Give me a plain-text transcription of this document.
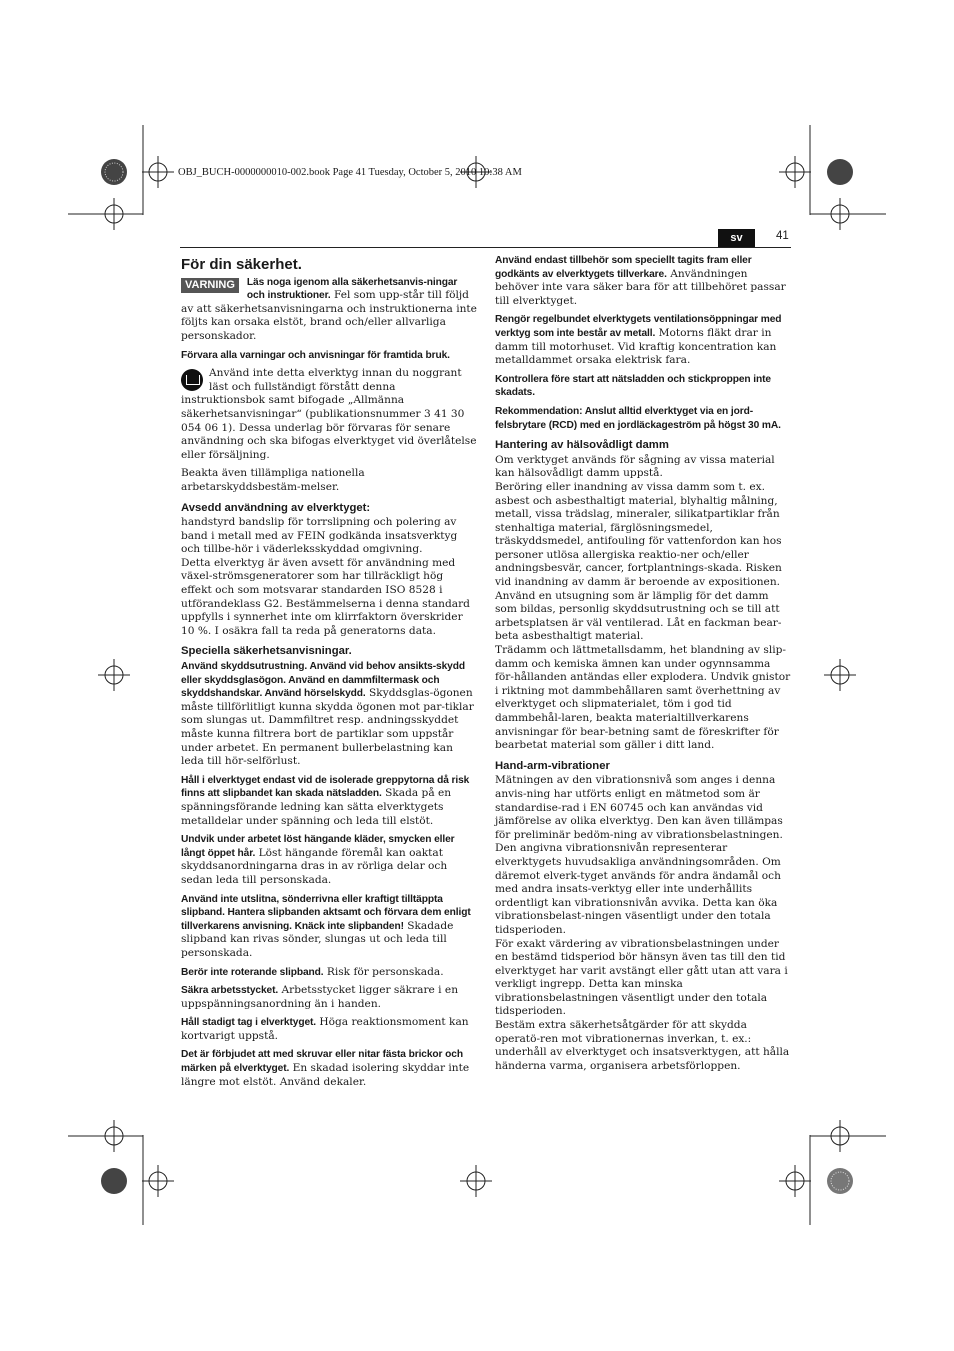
OBJ_BUCH-0000000010-002.book Page 41 Tuesday, October 5, 2010 10:38 AM
sv	41
För din säkerhet.

VARNING	Läs noga igenom alla säkerhetsanvis-ningar och instruktioner. Fel som upp-står till följd av att säkerhetsanvisningarna och instruktionerna inte följts kan orsaka elstöt, brand och/eller allvarliga personskador.

Förvara alla varningar och anvisningar för framtida bruk.

Använd inte detta elverktyg innan du noggrant läst och fullständigt förstått denna instruktionsbok samt bifogade „Allmänna säkerhetsanvisningar“ (publikationsnummer 3 41 30 054 06 1). Dessa underlag bör förvaras för senare användning och ska bifogas elverktyget vid överlåtelse eller försäljning.

Beakta även tillämpliga nationella arbetarskyddsbestäm-melser.

Avsedd användning av elverktyget:

handstyrd bandslip för torrslipning och polering av band i metall med av FEIN godkända insatsverktyg och tillbe-hör i väderleksskyddad omgivning.

Detta elverktyg är även avsett för användning med växel-strömsgeneratorer som har tillräckligt hög effekt och som motsvarar standarden ISO 8528 i utförandeklass G2. Bestämmelserna i denna standard uppfylls i synnerhet inte om klirrfaktorn överskrider 10 %. I osäkra fall ta reda på generatorns data.

Speciella säkerhetsanvisningar.

Använd skyddsutrustning. Använd vid behov ansikts-skydd eller skyddsglasögon. Använd en dammfiltermask och skyddshandskar. Använd hörselskydd. Skyddsglas-ögonen måste tillförlitligt kunna skydda ögonen mot par-tiklar som slungas ut. Dammfiltret resp. andningsskyddet måste kunna filtrera bort de partiklar som uppstår under arbetet. En permanent bullerbelastning kan leda till hör-selförlust.

Håll i elverktyget endast vid de isolerade greppytorna då risk finns att slipbandet kan skada nätsladden. Skada på en spänningsförande ledning kan sätta elverktygets metalldelar under spänning och leda till elstöt.

Undvik under arbetet löst hängande kläder, smycken eller långt öppet hår. Löst hängande föremål kan oaktat skyddsanordningarna dras in av rörliga delar och sedan leda till personskada.

Använd inte utslitna, sönderrivna eller kraftigt tilltäppta slipband. Hantera slipbanden aktsamt och förvara dem enligt tillverkarens anvisning. Knäck inte slipbanden! Skadade slipband kan rivas sönder, slungas ut och leda till personskada.

Berör inte roterande slipband. Risk för personskada.

Säkra arbetsstycket. Arbetsstycket ligger säkrare i en uppspänningsanordning än i handen.

Håll stadigt tag i elverktyget. Höga reaktionsmoment kan kortvarigt uppstå.

Det är förbjudet att med skruvar eller nitar fästa brickor och märken på elverktyget. En skadad isolering skyddar inte längre mot elstöt. Använd dekaler.

Använd endast tillbehör som speciellt tagits fram eller godkänts av elverktygets tillverkare. Användningen behöver inte vara säker bara för att tillbehöret passar till elverktyget.

Rengör regelbundet elverktygets ventilationsöppningar med verktyg som inte består av metall. Motorns fläkt drar in damm till motorhuset. Vid kraftig koncentration kan metalldammet orsaka elektrisk fara.

Kontrollera före start att nätsladden och stickproppen inte skadats.

Rekommendation: Anslut alltid elverktyget via en jord-felsbrytare (RCD) med en jordläckageström på högst 30 mA.

Hantering av hälsovådligt damm

Om verktyget används för sågning av vissa material kan hälsovådligt damm uppstå.

Beröring eller inandning av vissa damm som t. ex. asbest och asbesthaltigt material, blyhaltig målning, metall, vissa trädslag, mineraler, silikatpartiklar från stenhaltiga material, färglösningsmedel, träskyddsmedel, antifouling för vattenfordon kan hos personer utlösa allergiska reaktio-ner och/eller andningsbesvär, cancer, fortplantnings-skada. Risken vid inandning av damm är beroende av expositionen. Använd en utsugning som är lämplig för det damm som bildas, personlig skyddsutrustning och se till att arbetsplatsen är väl ventilerad. Låt en fackman bear-beta asbesthaltigt material.

Trädamm och lättmetallsdamm, het blandning av slip-damm och kemiska ämnen kan under ogynnsamma för-hållanden antändas eller explodera. Undvik gnistor i riktning mot dammbehållaren samt överhettning av elverktyget och slipmaterialet, töm i god tid dammbehål-laren, beakta materialtillverkarens anvisningar för bear-betning samt de föreskrifter för bearbetat material som gäller i ditt land.

Hand-arm-vibrationer

Mätningen av den vibrationsnivå som anges i denna anvis-ning har utförts enligt en mätmetod som är standardise-rad i EN 60745 och kan användas vid jämförelse av olika elverktyg. Den kan även tillämpas för preliminär bedöm-ning av vibrationsbelastningen.

Den angivna vibrationsnivån representerar elverktygets huvudsakliga användningsområden. Om däremot elverk-tyget används för andra ändamål och med andra insats-verktyg eller inte underhållits ordentligt kan vibrationsnivån avvika. Detta kan öka vibrationsbelast-ningen väsentligt under den totala tidsperioden.

För exakt värdering av vibrationsbelastningen under en bestämd tidsperiod bör hänsyn även tas till den tid elverktyget har varit avstängt eller gått utan att vara i verkligt ingrepp. Detta kan minska vibrationsbelastningen väsentligt under den totala tidsperioden.

Bestäm extra säkerhetsåtgärder för att skydda operatö-ren mot vibrationernas inverkan, t. ex.: underhåll av elverktyget och insatsverktygen, att hålla händerna varma, organisera arbetsförloppen.
